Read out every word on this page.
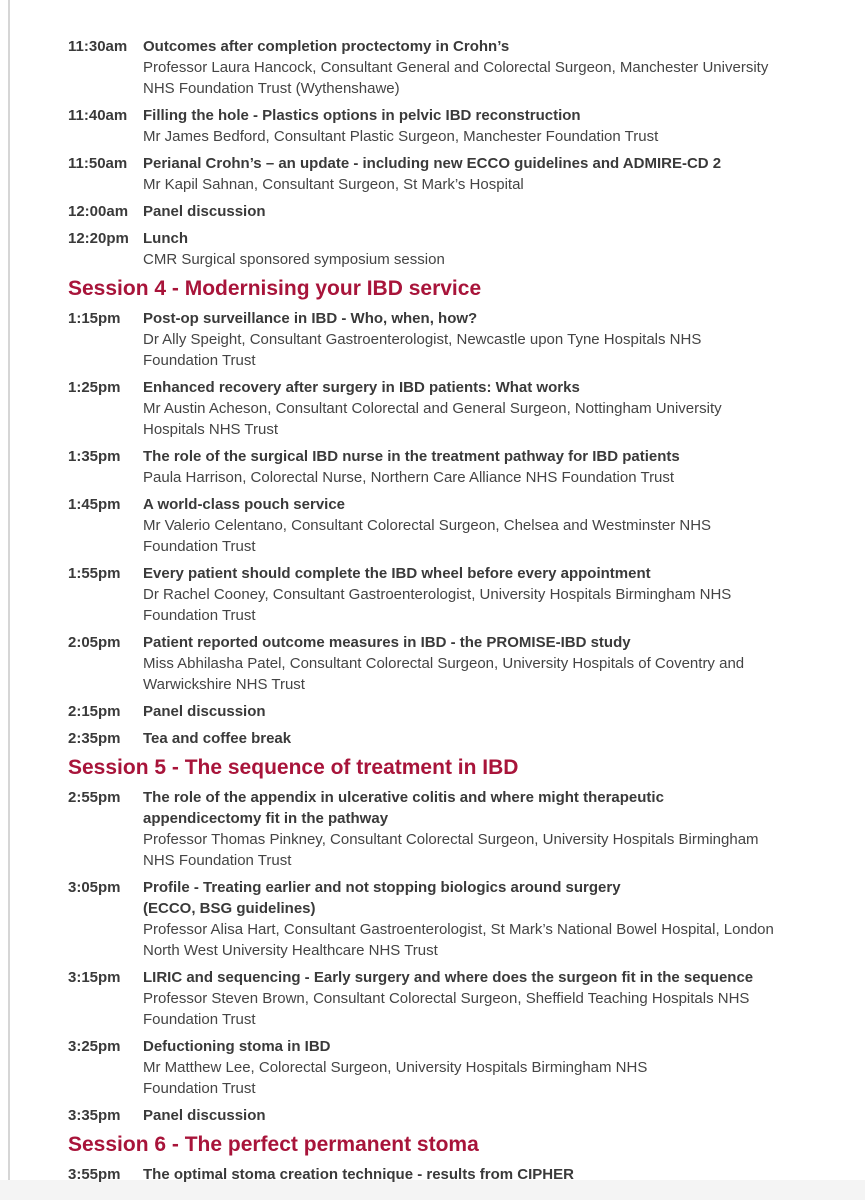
11:30am	Outcomes after completion proctectomy in Crohn’s
Professor Laura Hancock, Consultant General and Colorectal Surgeon, Manchester University
NHS Foundation Trust (Wythenshawe)
11:40am	Filling the hole - Plastics options in pelvic IBD reconstruction
Mr James Bedford, Consultant Plastic Surgeon, Manchester Foundation Trust
11:50am	Perianal Crohn’s – an update - including new ECCO guidelines and ADMIRE-CD 2
Mr Kapil Sahnan, Consultant Surgeon, St Mark’s Hospital
12:00am Panel discussion
12:20pm Lunch
CMR Surgical sponsored symposium session
Session 4 - Modernising your IBD service
1:15pm	Post-op surveillance in IBD - Who, when, how?
Dr Ally Speight, Consultant Gastroenterologist, Newcastle upon Tyne Hospitals NHS
Foundation Trust
1:25pm	Enhanced recovery after surgery in IBD patients: What works
Mr Austin Acheson, Consultant Colorectal and General Surgeon, Nottingham University
Hospitals NHS Trust
1:35pm	The role of the surgical IBD nurse in the treatment pathway for IBD patients
Paula Harrison, Colorectal Nurse, Northern Care Alliance NHS Foundation Trust
1:45pm	A world-class pouch service
Mr Valerio Celentano, Consultant Colorectal Surgeon, Chelsea and Westminster NHS
Foundation Trust
1:55pm	Every patient should complete the IBD wheel before every appointment
Dr Rachel Cooney, Consultant Gastroenterologist, University Hospitals Birmingham NHS
Foundation Trust
2:05pm	Patient reported outcome measures in IBD - the PROMISE-IBD study
Miss Abhilasha Patel, Consultant Colorectal Surgeon, University Hospitals of Coventry and
Warwickshire NHS Trust
2:15pm	Panel discussion
2:35pm	Tea and coffee break
Session 5 - The sequence of treatment in IBD
2:55pm	The role of the appendix in ulcerative colitis and where might therapeutic
appendicectomy fit in the pathway
Professor Thomas Pinkney, Consultant Colorectal Surgeon, University Hospitals Birmingham
NHS Foundation Trust
3:05pm	Profile - Treating earlier and not stopping biologics around surgery
(ECCO, BSG guidelines)
Professor Alisa Hart, Consultant Gastroenterologist, St Mark’s National Bowel Hospital, London
North West University Healthcare NHS Trust
3:15pm	LIRIC and sequencing - Early surgery and where does the surgeon fit in the sequence
Professor Steven Brown, Consultant Colorectal Surgeon, Sheffield Teaching Hospitals NHS
Foundation Trust
3:25pm	Defuctioning stoma in IBD
Mr Matthew Lee, Colorectal Surgeon, University Hospitals Birmingham NHS
Foundation Trust
3:35pm	Panel discussion
Session 6 - The perfect permanent stoma
3:55pm	The optimal stoma creation technique - results from CIPHER
